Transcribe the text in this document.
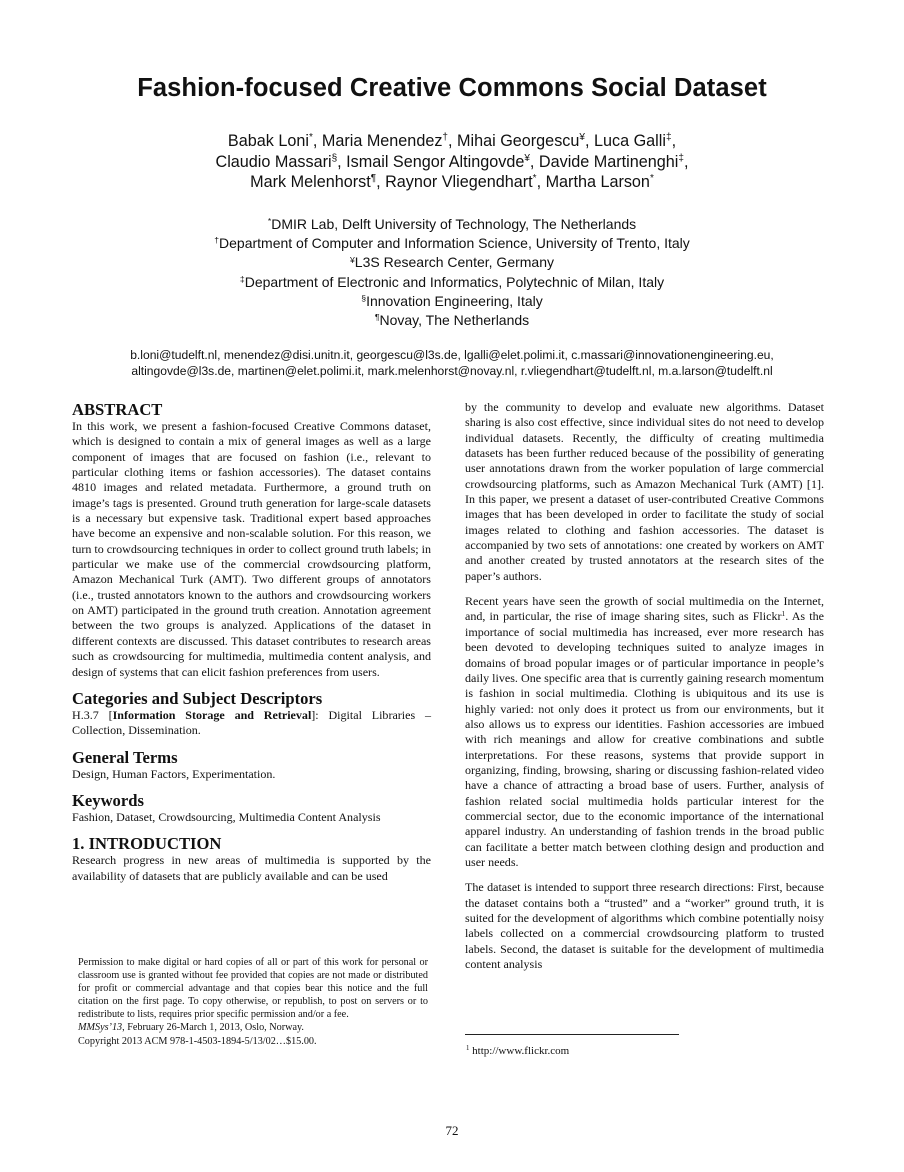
Fashion-focused Creative Commons Social Dataset
Babak Loni*, Maria Menendez†, Mihai Georgescu¥, Luca Galli‡,
Claudio Massari§, Ismail Sengor Altingovde¥, Davide Martinenghi‡,
Mark Melenhorst¶, Raynor Vliegendhart*, Martha Larson*
*DMIR Lab, Delft University of Technology, The Netherlands
†Department of Computer and Information Science, University of Trento, Italy
¥L3S Research Center, Germany
‡Department of Electronic and Informatics, Polytechnic of Milan, Italy
§Innovation Engineering, Italy
¶Novay, The Netherlands
b.loni@tudelft.nl, menendez@disi.unitn.it, georgescu@l3s.de, lgalli@elet.polimi.it, c.massari@innovationengineering.eu,
altingovde@l3s.de, martinen@elet.polimi.it, mark.melenhorst@novay.nl, r.vliegendhart@tudelft.nl, m.a.larson@tudelft.nl
ABSTRACT

In this work, we present a fashion-focused Creative Commons dataset, which is designed to contain a mix of general images as well as a large component of images that are focused on fashion (i.e., relevant to particular clothing items or fashion accessories). The dataset contains 4810 images and related metadata. Furthermore, a ground truth on image’s tags is presented. Ground truth generation for large-scale datasets is a necessary but expensive task. Traditional expert based approaches have become an expensive and non-scalable solution. For this reason, we turn to crowdsourcing techniques in order to collect ground truth labels; in particular we make use of the commercial crowdsourcing platform, Amazon Mechanical Turk (AMT). Two different groups of annotators (i.e., trusted annotators known to the authors and crowdsourcing workers on AMT) participated in the ground truth creation. Annotation agreement between the two groups is analyzed. Applications of the dataset in different contexts are discussed. This dataset contributes to research areas such as crowdsourcing for multimedia, multimedia content analysis, and design of systems that can elicit fashion preferences from users.

Categories and Subject Descriptors

H.3.7 [Information Storage and Retrieval]: Digital Libraries – Collection, Dissemination.

General Terms

Design, Human Factors, Experimentation.

Keywords

Fashion, Dataset, Crowdsourcing, Multimedia Content Analysis

1. INTRODUCTION

Research progress in new areas of multimedia is supported by the availability of datasets that are publicly available and can be used

by the community to develop and evaluate new algorithms. Dataset sharing is also cost effective, since individual sites do not need to develop individual datasets. Recently, the difficulty of creating multimedia datasets has been further reduced because of the possibility of generating user annotations drawn from the worker population of large commercial crowdsourcing platforms, such as Amazon Mechanical Turk (AMT) [1]. In this paper, we present a dataset of user-contributed Creative Commons images that has been developed in order to facilitate the study of social images related to clothing and fashion accessories. The dataset is accompanied by two sets of annotations: one created by workers on AMT and another created by trusted annotators at the research sites of the paper’s authors.

Recent years have seen the growth of social multimedia on the Internet, and, in particular, the rise of image sharing sites, such as Flickr$^1$. As the importance of social multimedia has increased, ever more research has been devoted to developing techniques suited to analyze images in domains of broad popular images or of particular importance in people’s daily lives. One specific area that is currently gaining research momentum is fashion in social multimedia. Clothing is ubiquitous and its use is highly varied: not only does it protect us from our environments, but it also allows us to express our identities. Fashion accessories are imbued with rich meanings and allow for creative combinations and subtle interpretations. For these reasons, systems that provide support in organizing, finding, browsing, sharing or discussing fashion-related video have a chance of attracting a broad base of users. Further, analysis of fashion related social multimedia holds particular interest for the commercial sector, due to the economic importance of the international apparel industry. An understanding of fashion trends in the broad public can facilitate a better match between clothing design and production and user needs.

The dataset is intended to support three research directions: First, because the dataset contains both a “trusted” and a “worker” ground truth, it is suited for the development of algorithms which combine potentially noisy labels collected on a commercial crowdsourcing platform to trusted labels. Second, the dataset is suitable for the development of multimedia content analysis

Permission to make digital or hard copies of all or part of this work for personal or classroom use is granted without fee provided that copies are not made or distributed for profit or commercial advantage and that copies bear this notice and the full citation on the first page. To copy otherwise, or republish, to post on servers or to redistribute to lists, requires prior specific permission and/or a fee.

MMSys’13, February 26-March 1, 2013, Oslo, Norway.

Copyright 2013 ACM 978-1-4503-1894-5/13/02…$15.00.

$^1$ http://www.flickr.com
72
